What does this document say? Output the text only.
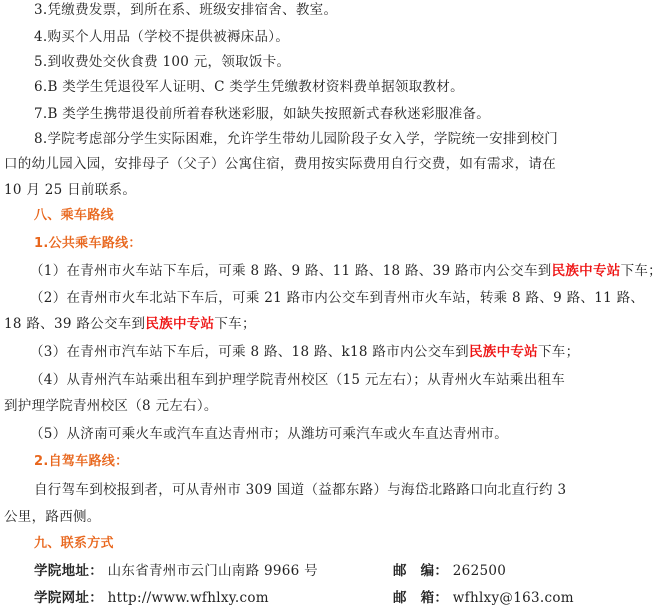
3.凭缴费发票，到所在系、班级安排宿舍、教室。
4.购买个人用品（学校不提供被褥床品）。
5.到收费处交伙食费 100 元，领取饭卡。
6.B 类学生凭退役军人证明、C 类学生凭缴教材资料费单据领取教材。
7.B 类学生携带退役前所着春秋迷彩服，如缺失按照新式春秋迷彩服准备。
8.学院考虑部分学生实际困难，允许学生带幼儿园阶段子女入学，学院统一安排到校门
口的幼儿园入园，安排母子（父子）公寓住宿，费用按实际费用自行交费，如有需求，请在
10 月 25 日前联系。
八、乘车路线
1.公共乘车路线：
（1）在青州市火车站下车后，可乘 8 路、9 路、11 路、18 路、39 路市内公交车到民族中专站下车；
（2）在青州市火车北站下车后，可乘 21 路市内公交车到青州市火车站，转乘 8 路、9 路、11 路、
18 路、39 路公交车到民族中专站下车；
（3）在青州市汽车站下车后，可乘 8 路、18 路、k18 路市内公交车到民族中专站下车；
（4）从青州汽车站乘出租车到护理学院青州校区（15 元左右）；从青州火车站乘出租车
到护理学院青州校区（8 元左右）。
（5）从济南可乘火车或汽车直达青州市；从潍坊可乘汽车或火车直达青州市。
2.自驾车路线：
自行驾车到校报到者，可从青州市 309 国道（益都东路）与海岱北路路口向北直行约 3
公里，路西侧。
九、联系方式
学院地址： 山东省青州市云门山南路 9966 号	邮　编： 262500
学院网址： http://www.wfhlxy.com	邮　箱： wfhlxy@163.com
